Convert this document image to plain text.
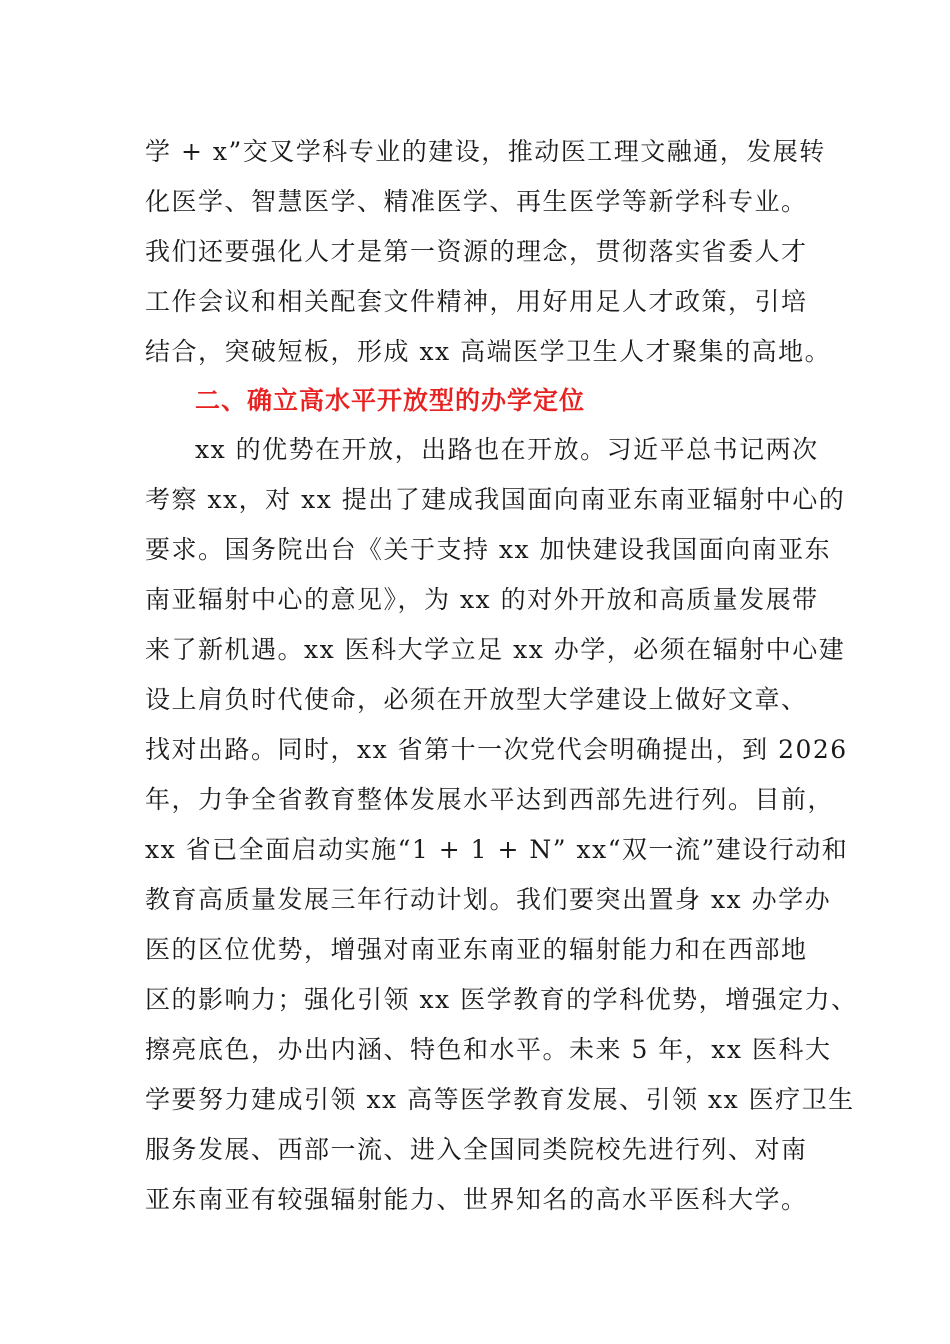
学 + x”交叉学科专业的建设，推动医工理文融通，发展转
化医学、智慧医学、精准医学、再生医学等新学科专业。
我们还要强化人才是第一资源的理念，贯彻落实省委人才
工作会议和相关配套文件精神，用好用足人才政策，引培
结合，突破短板，形成 xx 高端医学卫生人才聚集的高地。
二、确立高水平开放型的办学定位
xx 的优势在开放，出路也在开放。习近平总书记两次
考察 xx，对 xx 提出了建成我国面向南亚东南亚辐射中心的
要求。国务院出台《关于支持 xx 加快建设我国面向南亚东
南亚辐射中心的意见》，为 xx 的对外开放和高质量发展带
来了新机遇。xx 医科大学立足 xx 办学，必须在辐射中心建
设上肩负时代使命，必须在开放型大学建设上做好文章、
找对出路。同时，xx 省第十一次党代会明确提出，到 2026
年，力争全省教育整体发展水平达到西部先进行列。目前，
xx 省已全面启动实施“1 + 1 + N” xx“双一流”建设行动和
教育高质量发展三年行动计划。我们要突出置身 xx 办学办
医的区位优势，增强对南亚东南亚的辐射能力和在西部地
区的影响力；强化引领 xx 医学教育的学科优势，增强定力、
擦亮底色，办出内涵、特色和水平。未来 5 年，xx 医科大
学要努力建成引领 xx 高等医学教育发展、引领 xx 医疗卫生
服务发展、西部一流、进入全国同类院校先进行列、对南
亚东南亚有较强辐射能力、世界知名的高水平医科大学。
